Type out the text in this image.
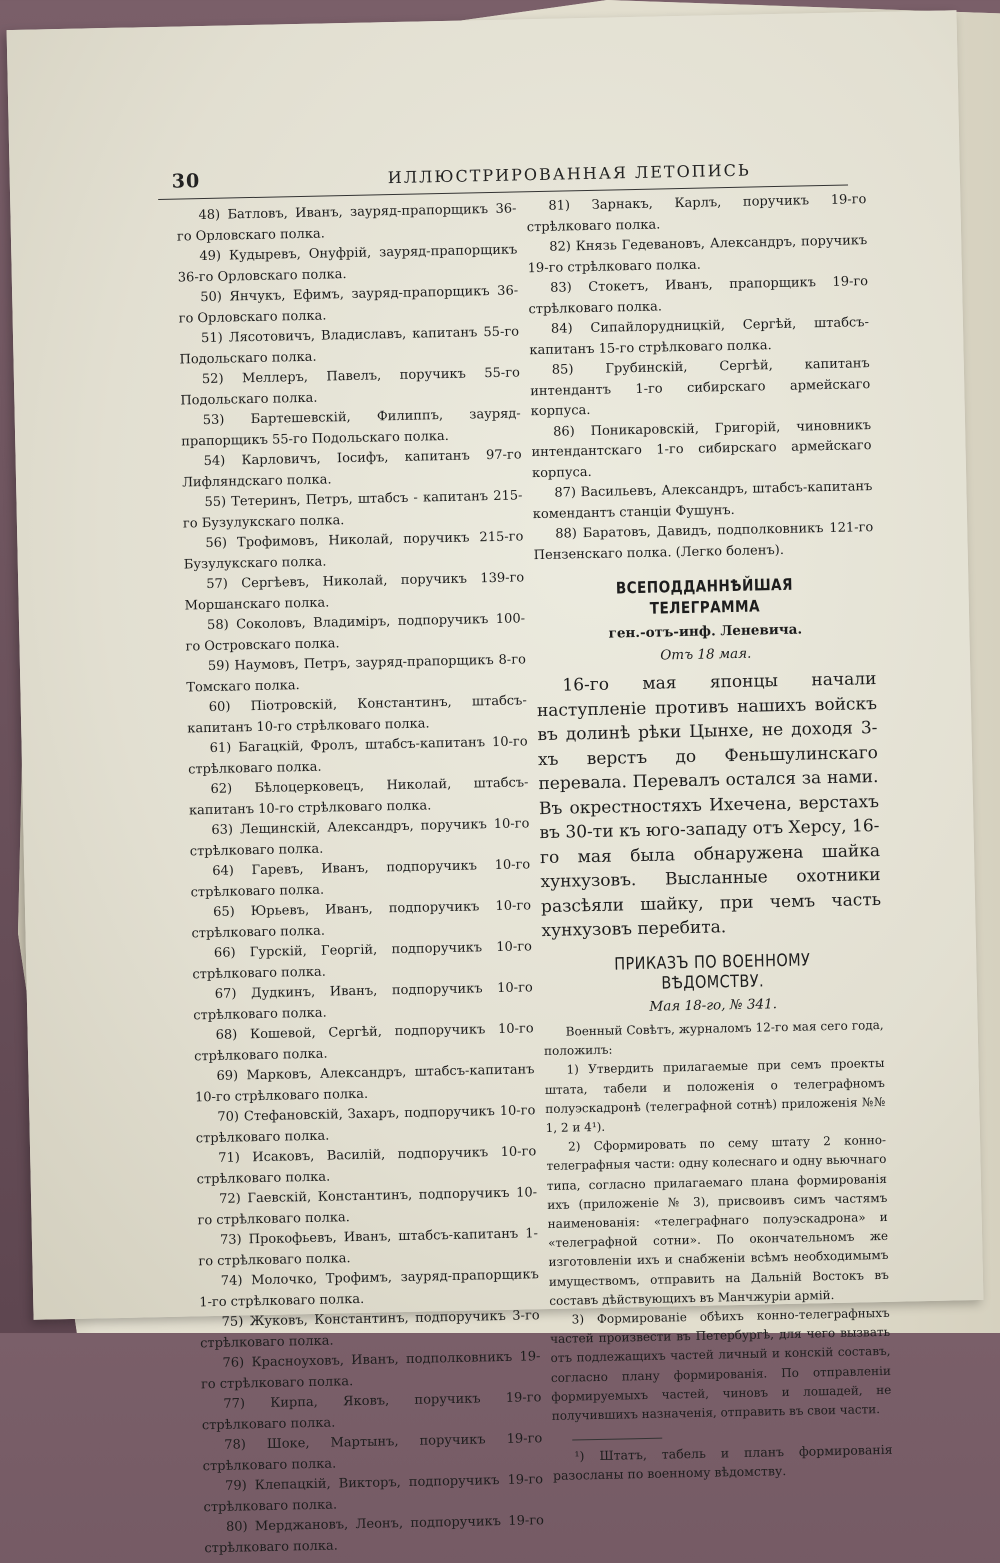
30	ИЛЛЮСТРИРОВАННАЯ ЛЕТОПИСЬ

48) Батловъ, Иванъ, зауряд-прапорщикъ 36-го Орловскаго полка.

49) Кудыревъ, Онуфрій, зауряд-прапорщикъ 36-го Орловскаго полка.

50) Янчукъ, Ефимъ, зауряд-прапорщикъ 36-го Орловскаго полка.

51) Лясотовичъ, Владиславъ, капитанъ 55-го Подольскаго полка.

52) Меллеръ, Павелъ, поручикъ 55-го Подольскаго полка.

53) Бартешевскій, Филиппъ, зауряд-прапорщикъ 55-го Подольскаго полка.

54) Карловичъ, Іосифъ, капитанъ 97-го Лифляндскаго полка.

55) Тетеринъ, Петръ, штабсъ - капитанъ 215-го Бузулукскаго полка.

56) Трофимовъ, Николай, поручикъ 215-го Бузулукскаго полка.

57) Сергѣевъ, Николай, поручикъ 139-го Моршанскаго полка.

58) Соколовъ, Владиміръ, подпоручикъ 100-го Островскаго полка.

59) Наумовъ, Петръ, зауряд-прапорщикъ 8-го Томскаго полка.

60) Піотровскій, Константинъ, штабсъ-капитанъ 10-го стрѣлковаго полка.

61) Багацкій, Фролъ, штабсъ-капитанъ 10-го стрѣлковаго полка.

62) Бѣлоцерковецъ, Николай, штабсъ-капитанъ 10-го стрѣлковаго полка.

63) Лещинскій, Александръ, поручикъ 10-го стрѣлковаго полка.

64) Гаревъ, Иванъ, подпоручикъ 10-го стрѣлковаго полка.

65) Юрьевъ, Иванъ, подпоручикъ 10-го стрѣлковаго полка.

66) Гурскій, Георгій, подпоручикъ 10-го стрѣлковаго полка.

67) Дудкинъ, Иванъ, подпоручикъ 10-го стрѣлковаго полка.

68) Кошевой, Сергѣй, подпоручикъ 10-го стрѣлковаго полка.

69) Марковъ, Александръ, штабсъ-капитанъ 10-го стрѣлковаго полка.

70) Стефановскій, Захаръ, подпоручикъ 10-го стрѣлковаго полка.

71) Исаковъ, Василій, подпоручикъ 10-го стрѣлковаго полка.

72) Гаевскій, Константинъ, подпоручикъ 10-го стрѣлковаго полка.

73) Прокофьевъ, Иванъ, штабсъ-капитанъ 1-го стрѣлковаго полка.

74) Молочко, Трофимъ, зауряд-прапорщикъ 1-го стрѣлковаго полка.

75) Жуковъ, Константинъ, подпоручикъ 3-го стрѣлковаго полка.

76) Красноуховъ, Иванъ, подполковникъ 19-го стрѣлковаго полка.

77) Кирпа, Яковъ, поручикъ 19-го стрѣлковаго полка.

78) Шоке, Мартынъ, поручикъ 19-го стрѣлковаго полка.

79) Клепацкій, Викторъ, подпоручикъ 19-го стрѣлковаго полка.

80) Мерджановъ, Леонъ, подпоручикъ 19-го стрѣлковаго полка.

81) Зарнакъ, Карлъ, поручикъ 19-го стрѣлковаго полка.

82) Князь Гедевановъ, Александръ, поручикъ 19-го стрѣлковаго полка.

83) Стокетъ, Иванъ, прапорщикъ 19-го стрѣлковаго полка.

84) Сипайлорудницкій, Сергѣй, штабсъ-капитанъ 15-го стрѣлковаго полка.

85) Грубинскій, Сергѣй, капитанъ интендантъ 1-го сибирскаго армейскаго корпуса.

86) Поникаровскій, Григорій, чиновникъ интендантскаго 1-го сибирскаго армейскаго корпуса.

87) Васильевъ, Александръ, штабсъ-капитанъ комендантъ станціи Фушунъ.

88) Баратовъ, Давидъ, подполковникъ 121-го Пензенскаго полка. (Легко боленъ).

ВСЕПОДДАННѢЙШАЯ ТЕЛЕГРАММА
ген.-отъ-инф. Леневича.
Отъ 18 мая.

16-го мая японцы начали наступленіе противъ нашихъ войскъ въ долинѣ рѣки Цынхе, не доходя 3-хъ верстъ до Феньшулинскаго перевала. Перевалъ остался за нами. Въ окрестностяхъ Ихечена, верстахъ въ 30-ти къ юго-западу отъ Херсу, 16-го мая была обнаружена шайка хунхузовъ. Высланные охотники разсѣяли шайку, при чемъ часть хунхузовъ перебита.

ПРИКАЗЪ ПО ВОЕННОМУ ВѢДОМСТВУ.
Мая 18-го, № 341.

Военный Совѣтъ, журналомъ 12-го мая сего года, положилъ:

1) Утвердить прилагаемые при семъ проекты штата, табели и положенія о телеграфномъ полуэскадронѣ (телеграфной сотнѣ) приложенія №№ 1, 2 и 4¹).

2) Сформировать по сему штату 2 конно-телеграфныя части: одну колеснаго и одну вьючнаго типа, согласно прилагаемаго плана формированія ихъ (приложеніе № 3), присвоивъ симъ частямъ наименованія: «телеграфнаго полуэскадрона» и «телеграфной сотни». По окончательномъ же изготовленіи ихъ и снабженіи всѣмъ необходимымъ имуществомъ, отправить на Дальній Востокъ въ составъ дѣйствующихъ въ Манчжуріи армій.

3) Формированіе обѣихъ конно-телеграфныхъ частей произвести въ Петербургѣ, для чего вызвать отъ подлежащихъ частей личный и конскій составъ, согласно плану формированія. По отправленіи формируемыхъ частей, чиновъ и лошадей, не получившихъ назначенія, отправить въ свои части.

¹) Штатъ, табель и планъ формированія разосланы по военному вѣдомству.
